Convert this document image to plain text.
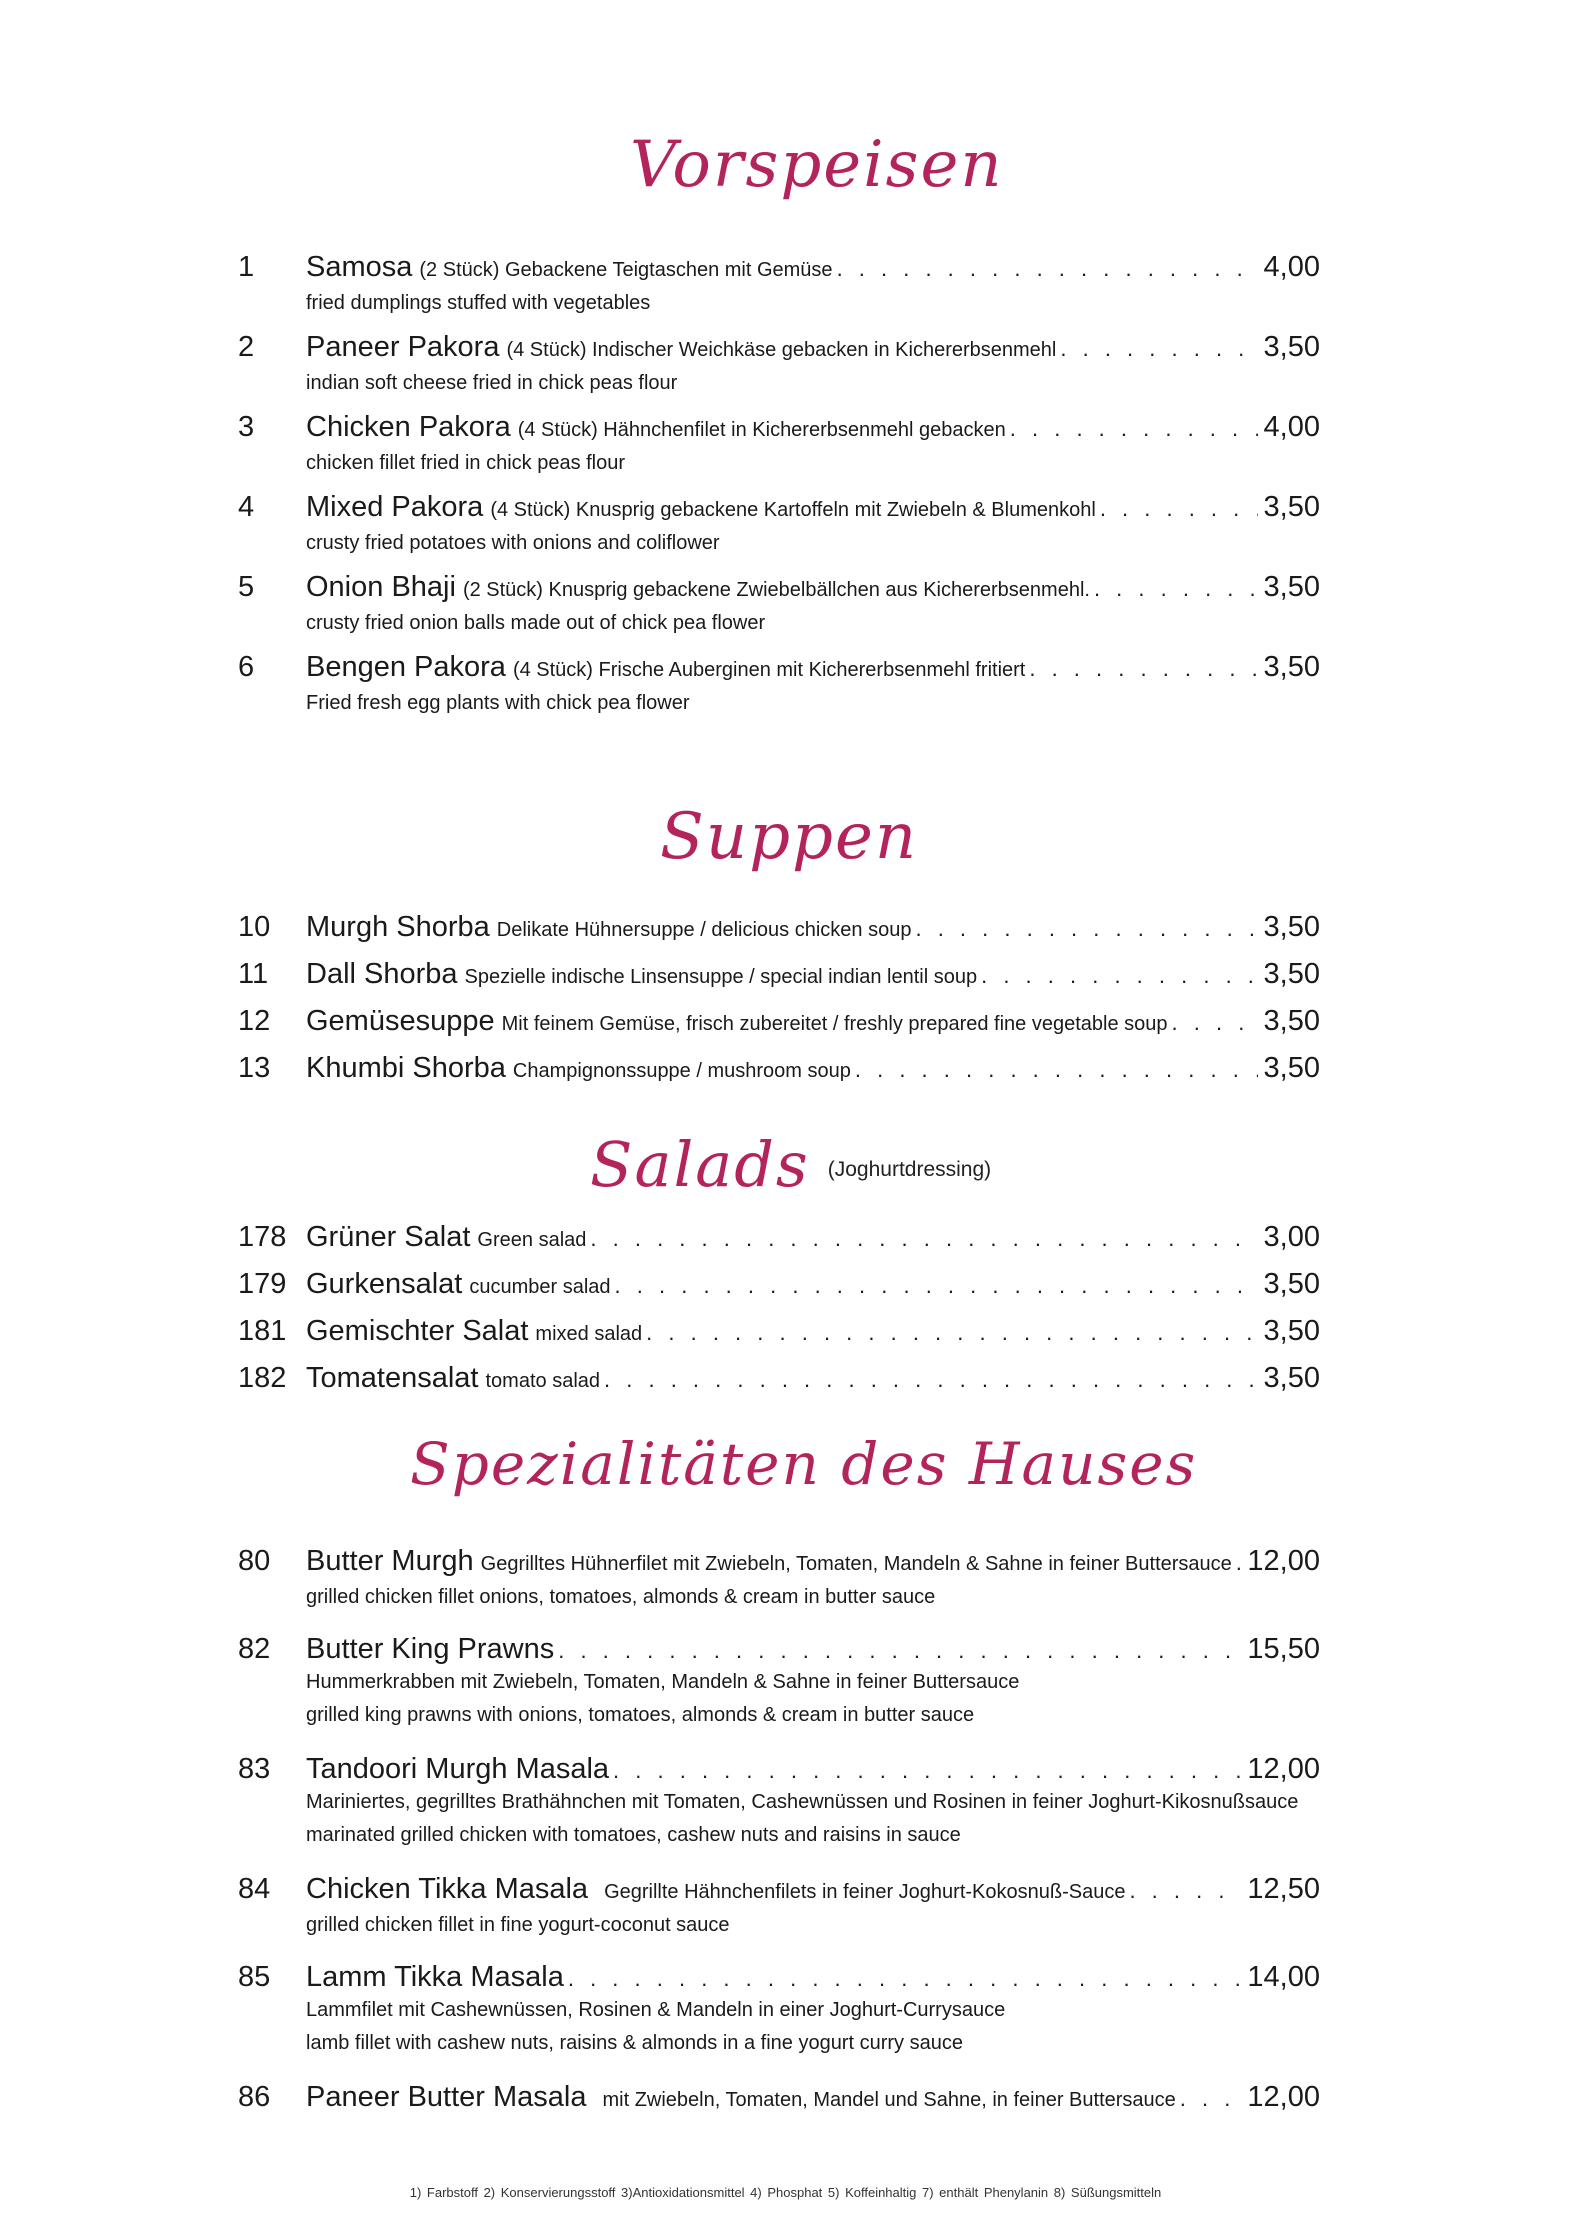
Vorspeisen
1	Samosa (2 Stück) Gebackene Teigtaschen mit Gemüse . . .	4,00
fried dumplings stuffed with vegetables
2	Paneer Pakora (4 Stück) Indischer Weichkäse gebacken in Kichererbsenmehl . . .	3,50
indian soft cheese fried in chick peas flour
3	Chicken Pakora (4 Stück) Hähnchenfilet in Kichererbsenmehl gebacken . . .	4,00
chicken fillet fried in chick peas flour
4	Mixed Pakora (4 Stück) Knusprig gebackene Kartoffeln mit Zwiebeln & Blumenkohl . . .	3,50
crusty fried potatoes with onions and coliflower
5	Onion Bhaji (2 Stück) Knusprig gebackene Zwiebelbällchen aus Kichererbsenmehl. . . .	3,50
crusty fried onion balls made out of chick pea flower
6	Bengen Pakora (4 Stück) Frische Auberginen mit Kichererbsenmehl fritiert . . .	3,50
Fried fresh egg plants with chick pea flower
Suppen
10	Murgh Shorba Delikate Hühnersuppe / delicious chicken soup . . .	3,50
11	Dall Shorba Spezielle indische Linsensuppe / special indian lentil soup . . .	3,50
12	Gemüsesuppe Mit feinem Gemüse, frisch zubereitet / freshly prepared fine vegetable soup . . .	3,50
13	Khumbi Shorba Champignonssuppe / mushroom soup . . .	3,50
Salads (Joghurtdressing)
178 Grüner Salat Green salad . . .	3,00
179 Gurkensalat cucumber salad . . .	3,50
181 Gemischter Salat mixed salad . . .	3,50
182 Tomatensalat tomato salad . . .	3,50
Spezialitäten des Hauses
80	Butter Murgh Gegrilltes Hühnerfilet mit Zwiebeln, Tomaten, Mandeln & Sahne in feiner Buttersauce . . . 12,00
grilled chicken fillet onions, tomatoes, almonds & cream in butter sauce
82	Butter King Prawns . . .	15,50
Hummerkrabben mit Zwiebeln, Tomaten, Mandeln & Sahne in feiner Buttersauce
grilled king prawns with onions, tomatoes, almonds & cream in butter sauce
83	Tandoori Murgh Masala . . .	12,00
Mariniertes, gegrilltes Brathähnchen mit Tomaten, Cashewnüssen und Rosinen in feiner Joghurt-Kikosnußsauce
marinated grilled chicken with tomatoes, cashew nuts and raisins in sauce
84	Chicken Tikka Masala Gegrillte Hähnchenfilets in feiner Joghurt-Kokosnuß-Sauce . . .	12,50
grilled chicken fillet in fine yogurt-coconut sauce
85	Lamm Tikka Masala . . .	14,00
Lammfilet mit Cashewnüssen, Rosinen & Mandeln in einer Joghurt-Currysauce
lamb fillet with cashew nuts, raisins & almonds in a fine yogurt curry sauce
86	Paneer Butter Masala mit Zwiebeln, Tomaten, Mandel und Sahne, in feiner Buttersauce . . . 12,00
1) Farbstoff 2) Konservierungsstoff 3)Antioxidationsmittel 4) Phosphat 5) Koffeinhaltig 7) enthält Phenylanin 8) Süßungsmitteln
